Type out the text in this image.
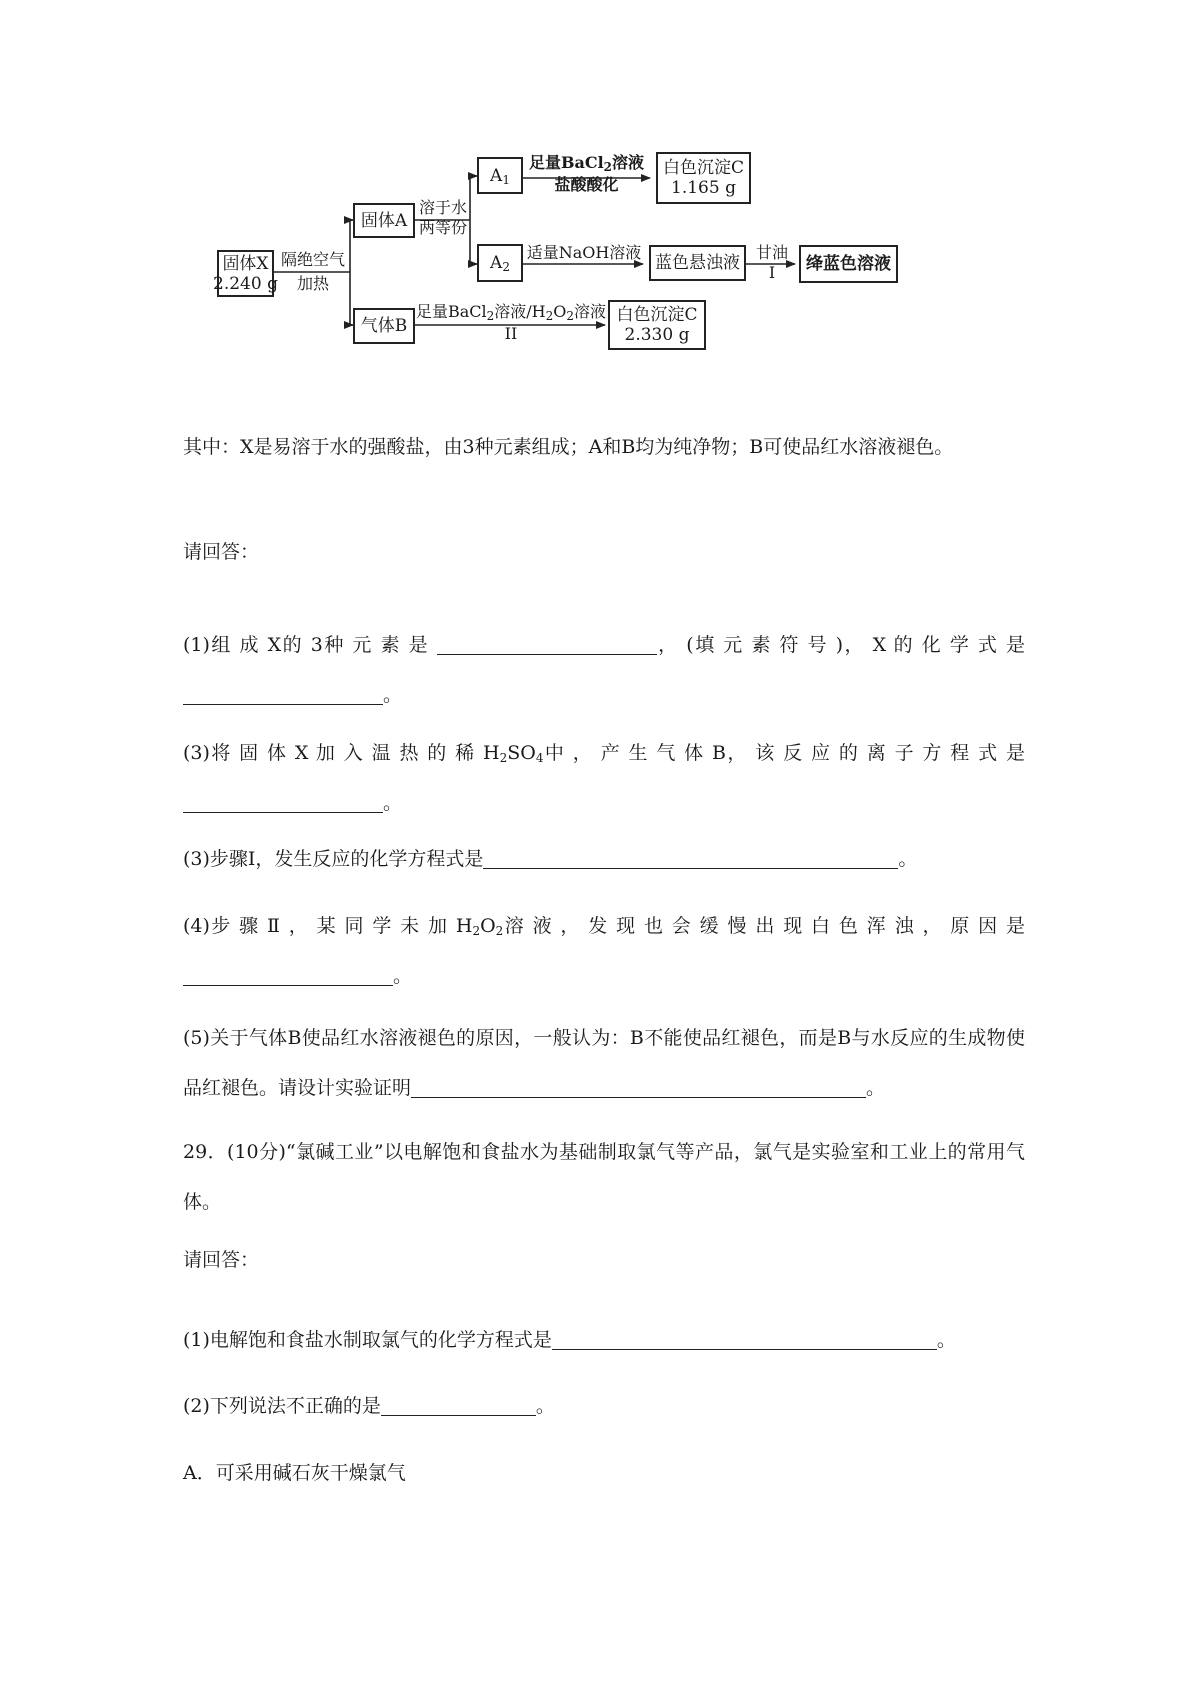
固体X
2.240 g
隔绝空气
加热
固体A
溶于水
两等份
$A_1$
足量BaCl$_2$溶液
盐酸酸化
白色沉淀C
1.165 g
$A_2$
适量NaOH溶液
蓝色悬浊液
甘油
I	绛蓝色溶液
气体B
足量BaCl$_2$溶液$/H_2O_2$溶液
II
白色沉淀C
2.330 g

其中：X是易溶于水的强酸盐，由3种元素组成；A和B均为纯净物；B可使品红水溶液褪色。

请回答：

(1)组 成 X的 3种 元 素 是	， (填 元 素 符 号 )， X 的 化 学 式 是。

(3)将 固 体 X 加 入 温 热 的 稀 $H_2SO_4$中 ， 产 生 气 体 B， 该 反 应 的 离 子 方 程 式 是。

(3)步骤I，发生反应的化学方程式是	。

(4)步 骤 Ⅱ ， 某 同 学 未 加 $H_2O_2$溶 液 ， 发 现 也 会 缓 慢 出 现 白 色 浑 浊 ， 原 因 是。

(5)关于气体B使品红水溶液褪色的原因，一般认为：B不能使品红褪色，而是B与水反应的生成物使品红褪色。请设计实验证明	。

29．(10分)“氯碱工业”以电解饱和食盐水为基础制取氯气等产品，氯气是实验室和工业上的常用气体。

请回答：

(1)电解饱和食盐水制取氯气的化学方程式是	。

(2)下列说法不正确的是	。

A．可采用碱石灰干燥氯气
